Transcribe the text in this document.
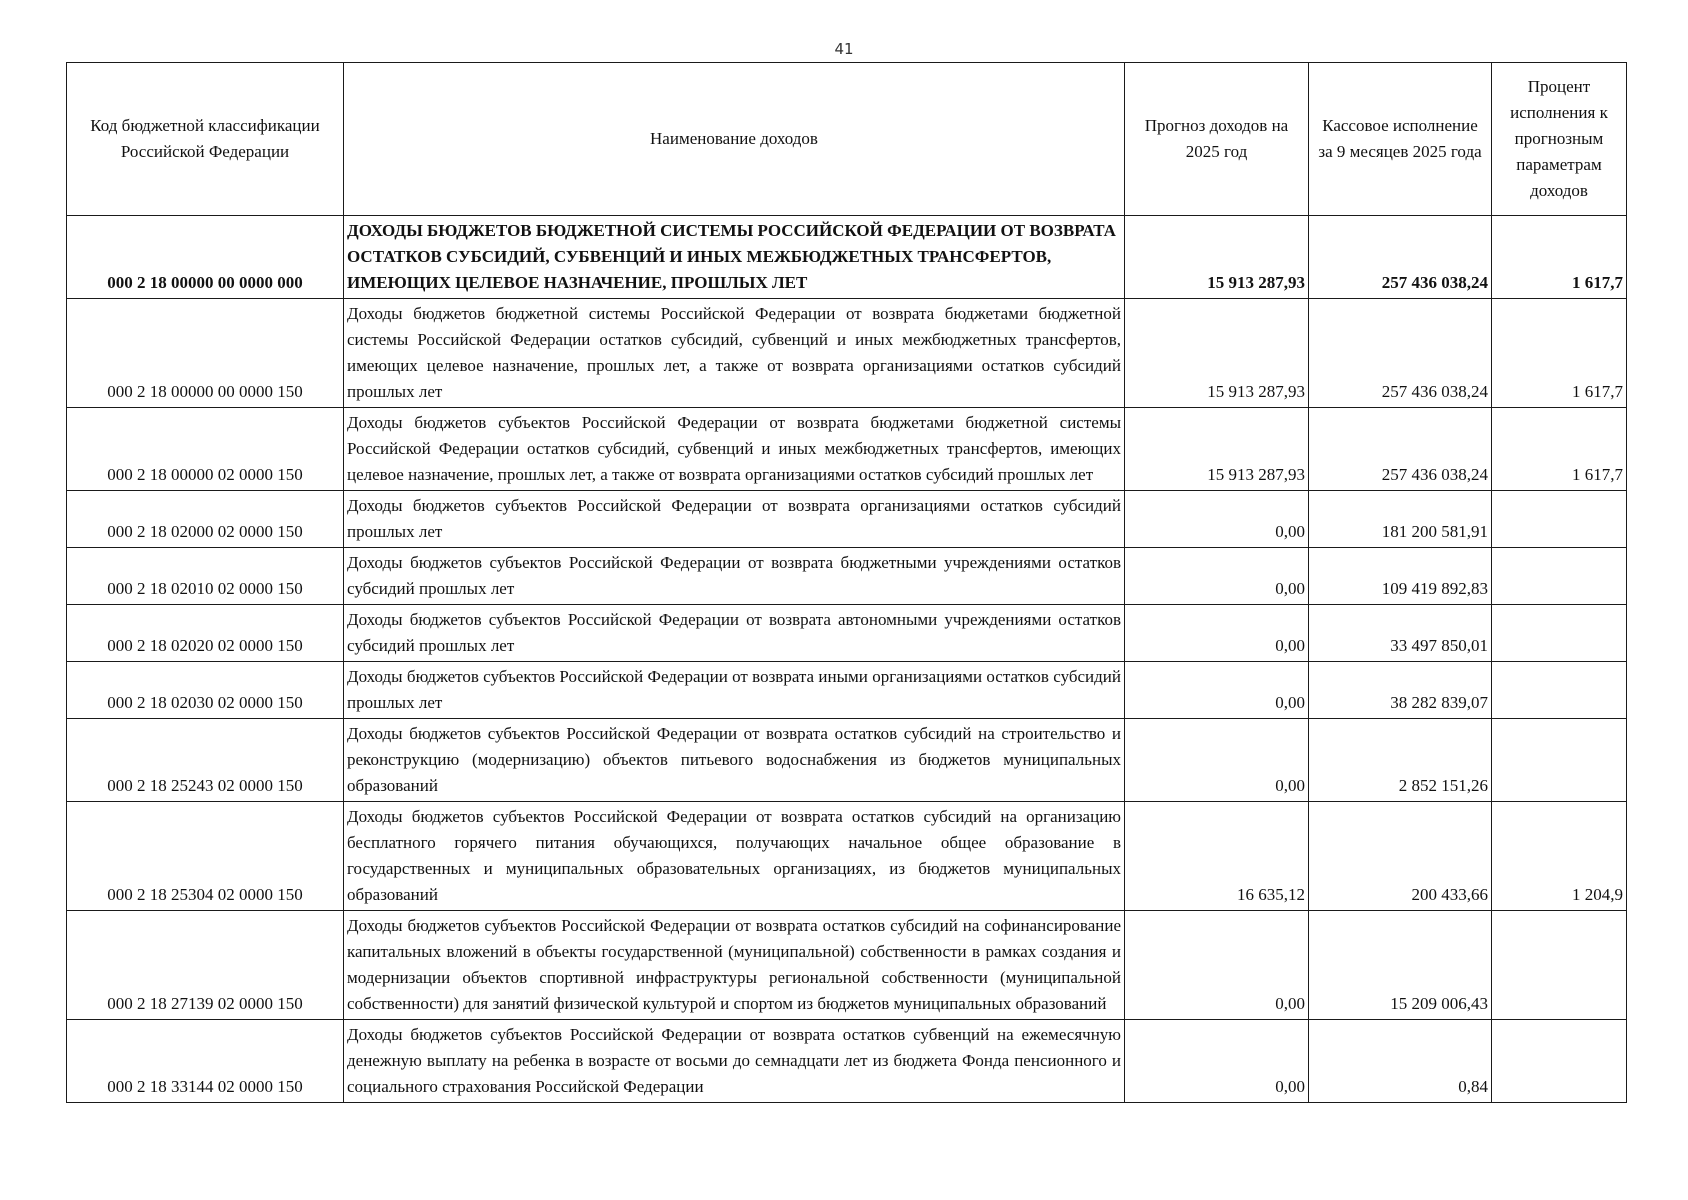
41
Код бюджетной классификации Российской Федерации	Наименование доходов	Прогноз доходов на 2025 год	Кассовое исполнение за 9 месяцев 2025 года	Процент исполнения к прогнозным параметрам доходов
000 2 18 00000 00 0000 000	ДОХОДЫ БЮДЖЕТОВ БЮДЖЕТНОЙ СИСТЕМЫ РОССИЙСКОЙ ФЕДЕРАЦИИ ОТ ВОЗВРАТА ОСТАТКОВ СУБСИДИЙ, СУБВЕНЦИЙ И ИНЫХ МЕЖБЮДЖЕТНЫХ ТРАНСФЕРТОВ, ИМЕЮЩИХ ЦЕЛЕВОЕ НАЗНАЧЕНИЕ, ПРОШЛЫХ ЛЕТ	15 913 287,93	257 436 038,24	1 617,7
000 2 18 00000 00 0000 150	Доходы бюджетов бюджетной системы Российской Федерации от возврата бюджетами бюджетной системы Российской Федерации остатков субсидий, субвенций и иных межбюджетных трансфертов, имеющих целевое назначение, прошлых лет, а также от возврата организациями остатков субсидий прошлых лет	15 913 287,93	257 436 038,24	1 617,7
000 2 18 00000 02 0000 150	Доходы бюджетов субъектов Российской Федерации от возврата бюджетами бюджетной системы Российской Федерации остатков субсидий, субвенций и иных межбюджетных трансфертов, имеющих целевое назначение, прошлых лет, а также от возврата организациями остатков субсидий прошлых лет	15 913 287,93	257 436 038,24	1 617,7
000 2 18 02000 02 0000 150	Доходы бюджетов субъектов Российской Федерации от возврата организациями остатков субсидий прошлых лет	0,00	181 200 581,91	
000 2 18 02010 02 0000 150	Доходы бюджетов субъектов Российской Федерации от возврата бюджетными учреждениями остатков субсидий прошлых лет	0,00	109 419 892,83	
000 2 18 02020 02 0000 150	Доходы бюджетов субъектов Российской Федерации от возврата автономными учреждениями остатков субсидий прошлых лет	0,00	33 497 850,01	
000 2 18 02030 02 0000 150	Доходы бюджетов субъектов Российской Федерации от возврата иными организациями остатков субсидий прошлых лет	0,00	38 282 839,07	
000 2 18 25243 02 0000 150	Доходы бюджетов субъектов Российской Федерации от возврата остатков субсидий на строительство и реконструкцию (модернизацию) объектов питьевого водоснабжения из бюджетов муниципальных образований	0,00	2 852 151,26	
000 2 18 25304 02 0000 150	Доходы бюджетов субъектов Российской Федерации от возврата остатков субсидий на организацию бесплатного горячего питания обучающихся, получающих начальное общее образование в государственных и муниципальных образовательных организациях, из бюджетов муниципальных образований	16 635,12	200 433,66	1 204,9
000 2 18 27139 02 0000 150	Доходы бюджетов субъектов Российской Федерации от возврата остатков субсидий на софинансирование капитальных вложений в объекты государственной (муниципальной) собственности в рамках создания и модернизации объектов спортивной инфраструктуры региональной собственности (муниципальной собственности) для занятий физической культурой и спортом из бюджетов муниципальных образований	0,00	15 209 006,43	
000 2 18 33144 02 0000 150	Доходы бюджетов субъектов Российской Федерации от возврата остатков субвенций на ежемесячную денежную выплату на ребенка в возрасте от восьми до семнадцати лет из бюджета Фонда пенсионного и социального страхования Российской Федерации	0,00	0,84	
